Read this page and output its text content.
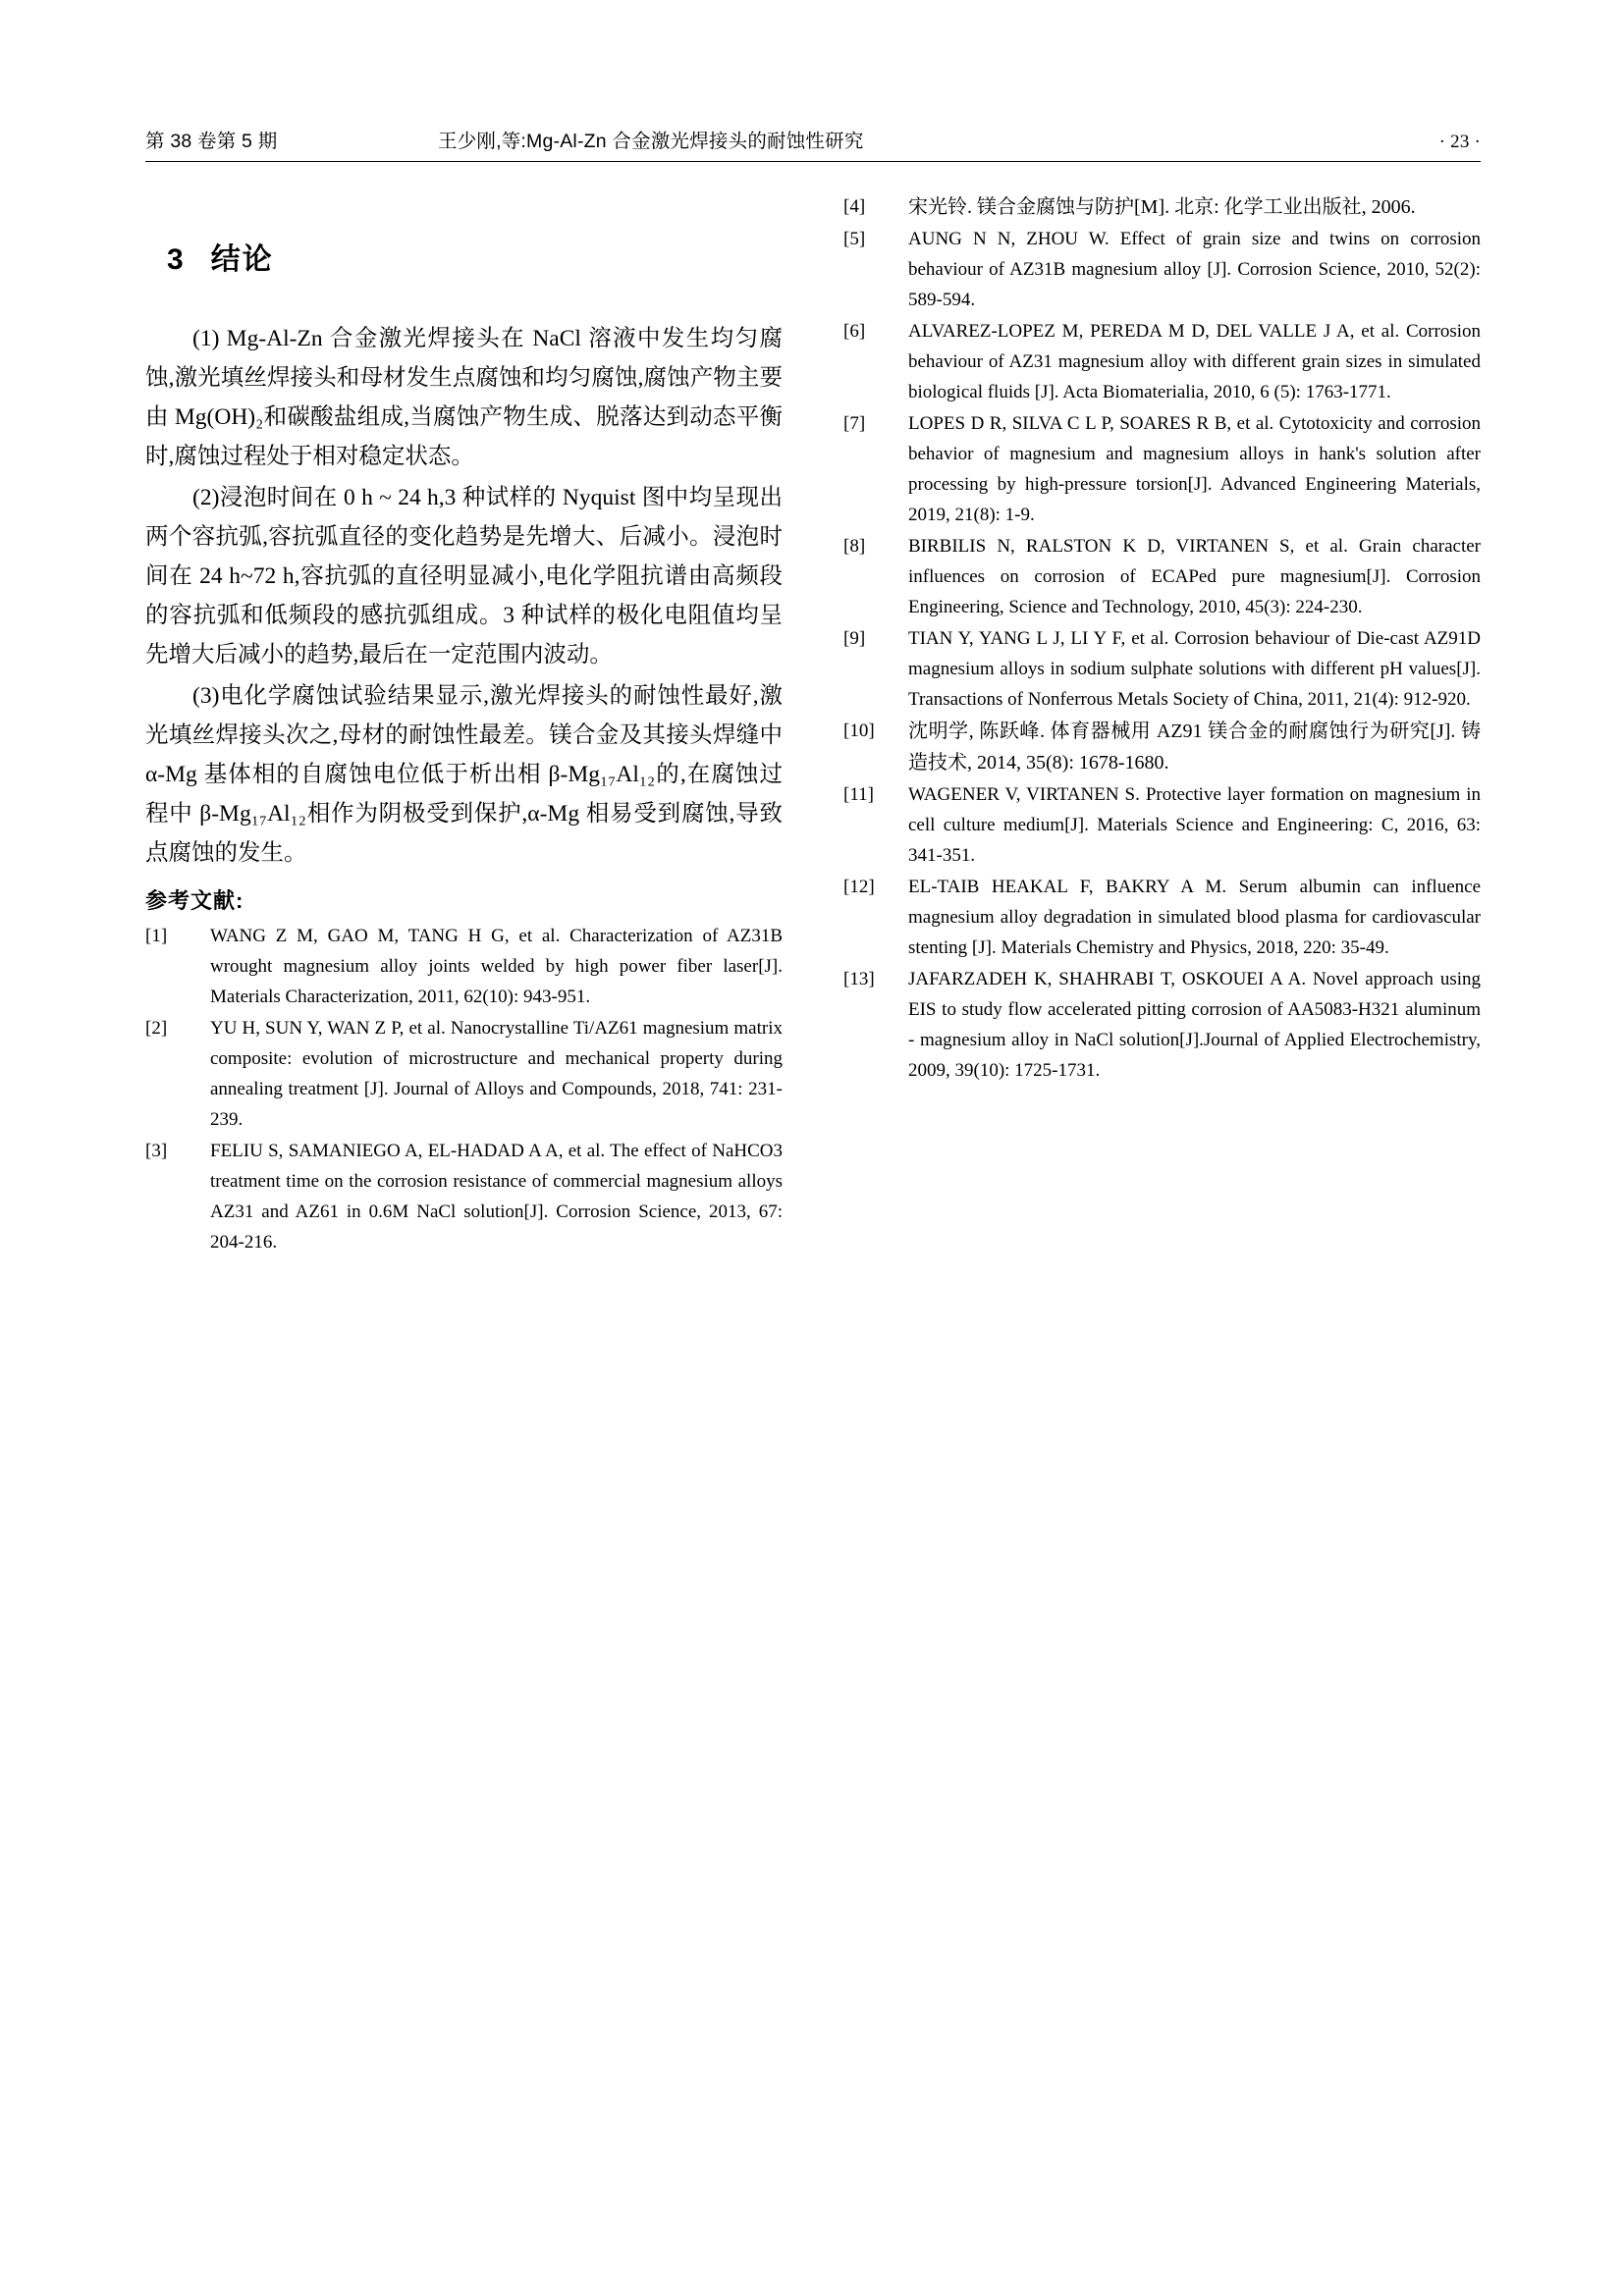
第 38 卷第 5 期	王少刚,等:Mg-Al-Zn 合金激光焊接头的耐蚀性研究	· 23 ·
3 结论

(1) Mg-Al-Zn 合金激光焊接头在 NaCl 溶液中发生均匀腐蚀,激光填丝焊接头和母材发生点腐蚀和均匀腐蚀,腐蚀产物主要由 Mg(OH)₂和碳酸盐组成,当腐蚀产物生成、脱落达到动态平衡时,腐蚀过程处于相对稳定状态。

(2)浸泡时间在 0 h ~ 24 h,3 种试样的 Nyquist 图中均呈现出两个容抗弧,容抗弧直径的变化趋势是先增大、后减小。浸泡时间在 24 h~72 h,容抗弧的直径明显减小,电化学阻抗谱由高频段的容抗弧和低频段的感抗弧组成。3 种试样的极化电阻值均呈先增大后减小的趋势,最后在一定范围内波动。

(3)电化学腐蚀试验结果显示,激光焊接头的耐蚀性最好,激光填丝焊接头次之,母材的耐蚀性最差。镁合金及其接头焊缝中 α-Mg 基体相的自腐蚀电位低于析出相 β-Mg₁₇Al₁₂的,在腐蚀过程中 β-Mg₁₇Al₁₂相作为阴极受到保护,α-Mg 相易受到腐蚀,导致点腐蚀的发生。

参考文献:
[1]	WANG Z M, GAO M, TANG H G, et al. Characterization of AZ31B wrought magnesium alloy joints welded by high power fiber laser[J]. Materials Characterization, 2011, 62(10): 943-951.
[2]	YU H, SUN Y, WAN Z P, et al. Nanocrystalline Ti/AZ61 magnesium matrix composite: evolution of microstructure and mechanical property during annealing treatment [J]. Journal of Alloys and Compounds, 2018, 741: 231-239.
[3]	FELIU S, SAMANIEGO A, EL-HADAD A A, et al. The effect of NaHCO3 treatment time on the corrosion resistance of commercial magnesium alloys AZ31 and AZ61 in 0.6M NaCl solution[J]. Corrosion Science, 2013, 67: 204-216.
[4]	宋光铃. 镁合金腐蚀与防护[M]. 北京: 化学工业出版社, 2006.
[5]	AUNG N N, ZHOU W. Effect of grain size and twins on corrosion behaviour of AZ31B magnesium alloy [J]. Corrosion Science, 2010, 52(2): 589-594.
[6]	ALVAREZ-LOPEZ M, PEREDA M D, DEL VALLE J A, et al. Corrosion behaviour of AZ31 magnesium alloy with different grain sizes in simulated biological fluids [J]. Acta Biomaterialia, 2010, 6 (5): 1763-1771.
[7]	LOPES D R, SILVA C L P, SOARES R B, et al. Cytotoxicity and corrosion behavior of magnesium and magnesium alloys in hank's solution after processing by high-pressure torsion[J]. Advanced Engineering Materials, 2019, 21(8): 1-9.
[8]	BIRBILIS N, RALSTON K D, VIRTANEN S, et al. Grain character influences on corrosion of ECAPed pure magnesium[J]. Corrosion Engineering, Science and Technology, 2010, 45(3): 224-230.
[9]	TIAN Y, YANG L J, LI Y F, et al. Corrosion behaviour of Die-cast AZ91D magnesium alloys in sodium sulphate solutions with different pH values[J]. Transactions of Nonferrous Metals Society of China, 2011, 21(4): 912-920.
[10]	沈明学, 陈跃峰. 体育器械用 AZ91 镁合金的耐腐蚀行为研究[J]. 铸造技术, 2014, 35(8): 1678-1680.
[11]	WAGENER V, VIRTANEN S. Protective layer formation on magnesium in cell culture medium[J]. Materials Science and Engineering: C, 2016, 63: 341-351.
[12]	EL-TAIB HEAKAL F, BAKRY A M. Serum albumin can influence magnesium alloy degradation in simulated blood plasma for cardiovascular stenting [J]. Materials Chemistry and Physics, 2018, 220: 35-49.
[13]	JAFARZADEH K, SHAHRABI T, OSKOUEI A A. Novel approach using EIS to study flow accelerated pitting corrosion of AA5083-H321 aluminum - magnesium alloy in NaCl solution[J].Journal of Applied Electrochemistry, 2009, 39(10): 1725-1731.
